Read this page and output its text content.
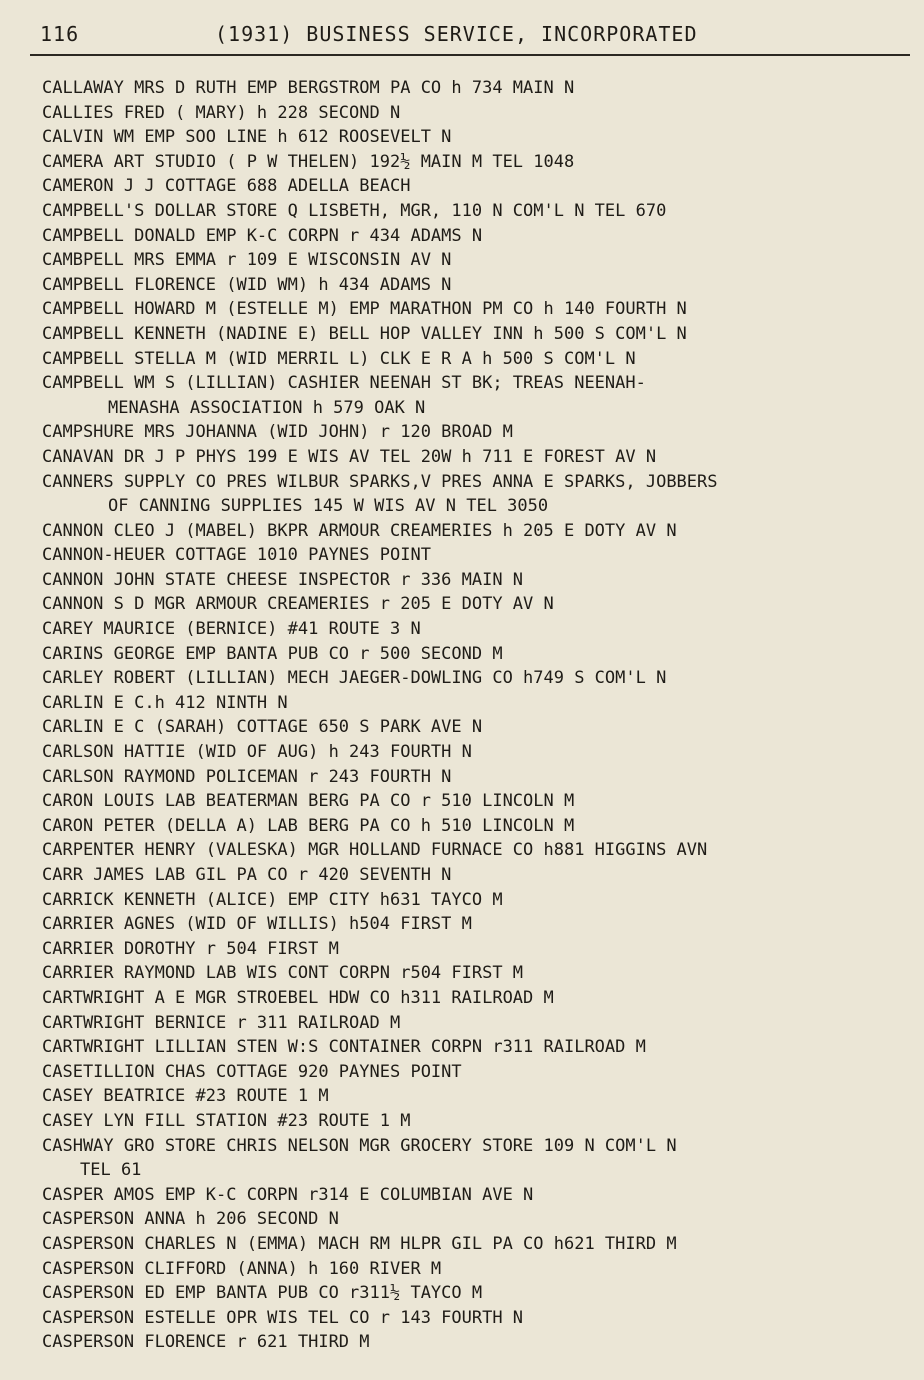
116	(1931) BUSINESS SERVICE, INCORPORATED
CALLAWAY MRS D RUTH EMP BERGSTROM PA CO h 734 MAIN N
CALLIES FRED ( MARY) h 228 SECOND N
CALVIN WM EMP SOO LINE h 612 ROOSEVELT N
CAMERA ART STUDIO ( P W THELEN) 192½ MAIN M TEL 1048
CAMERON J J COTTAGE 688 ADELLA BEACH
CAMPBELL'S DOLLAR STORE Q LISBETH, MGR, 110 N COM'L N TEL 670
CAMPBELL DONALD EMP K-C CORPN r 434 ADAMS N
CAMBPELL MRS EMMA r 109 E WISCONSIN AV N
CAMPBELL FLORENCE (WID WM) h 434 ADAMS N
CAMPBELL HOWARD M (ESTELLE M) EMP MARATHON PM CO h 140 FOURTH N
CAMPBELL KENNETH (NADINE E) BELL HOP VALLEY INN h 500 S COM'L N
CAMPBELL STELLA M (WID MERRIL L) CLK E R A h 500 S COM'L N
CAMPBELL WM S (LILLIAN) CASHIER NEENAH ST BK; TREAS NEENAH-
MENASHA ASSOCIATION h 579 OAK N
CAMPSHURE MRS JOHANNA (WID JOHN) r 120 BROAD M
CANAVAN DR J P PHYS 199 E WIS AV TEL 20W h 711 E FOREST AV N
CANNERS SUPPLY CO PRES WILBUR SPARKS,V PRES ANNA E SPARKS, JOBBERS
OF CANNING SUPPLIES 145 W WIS AV N TEL 3050
CANNON CLEO J (MABEL) BKPR ARMOUR CREAMERIES h 205 E DOTY AV N
CANNON-HEUER COTTAGE 1010 PAYNES POINT
CANNON JOHN STATE CHEESE INSPECTOR r 336 MAIN N
CANNON S D MGR ARMOUR CREAMERIES r 205 E DOTY AV N
CAREY MAURICE (BERNICE) #41 ROUTE 3 N
CARINS GEORGE EMP BANTA PUB CO r 500 SECOND M
CARLEY ROBERT (LILLIAN) MECH JAEGER-DOWLING CO h749 S COM'L N
CARLIN E C.h 412 NINTH N
CARLIN E C (SARAH) COTTAGE 650 S PARK AVE N
CARLSON HATTIE (WID OF AUG) h 243 FOURTH N
CARLSON RAYMOND POLICEMAN r 243 FOURTH N
CARON LOUIS LAB BEATERMAN BERG PA CO r 510 LINCOLN M
CARON PETER (DELLA A) LAB BERG PA CO h 510 LINCOLN M
CARPENTER HENRY (VALESKA) MGR HOLLAND FURNACE CO h881 HIGGINS AVN
CARR JAMES LAB GIL PA CO r 420 SEVENTH N
CARRICK KENNETH (ALICE) EMP CITY h631 TAYCO M
CARRIER AGNES (WID OF WILLIS) h504 FIRST M
CARRIER DOROTHY r 504 FIRST M
CARRIER RAYMOND LAB WIS CONT CORPN r504 FIRST M
CARTWRIGHT A E MGR STROEBEL HDW CO h311 RAILROAD M
CARTWRIGHT BERNICE r 311 RAILROAD M
CARTWRIGHT LILLIAN STEN W:S CONTAINER CORPN r311 RAILROAD M
CASETILLION CHAS COTTAGE 920 PAYNES POINT
CASEY BEATRICE #23 ROUTE 1 M
CASEY LYN FILL STATION #23 ROUTE 1 M
CASHWAY GRO STORE CHRIS NELSON MGR GROCERY STORE 109 N COM'L N
TEL 61
CASPER AMOS EMP K-C CORPN r314 E COLUMBIAN AVE N
CASPERSON ANNA h 206 SECOND N
CASPERSON CHARLES N (EMMA) MACH RM HLPR GIL PA CO h621 THIRD M
CASPERSON CLIFFORD (ANNA) h 160 RIVER M
CASPERSON ED EMP BANTA PUB CO r311½ TAYCO M
CASPERSON ESTELLE OPR WIS TEL CO r 143 FOURTH N
CASPERSON FLORENCE r 621 THIRD M
